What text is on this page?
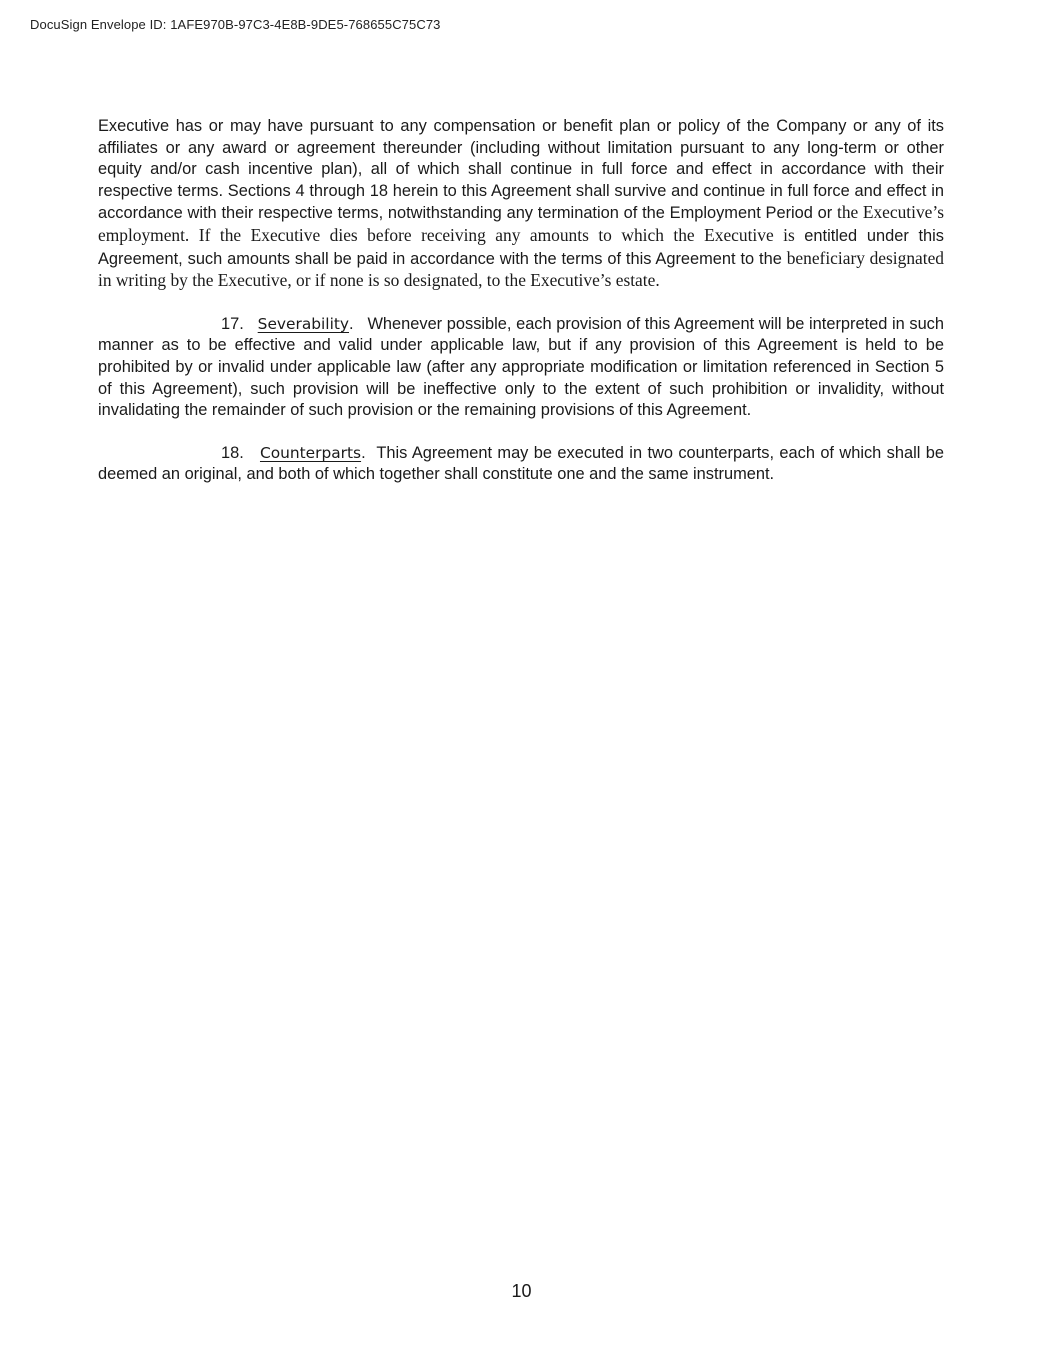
DocuSign Envelope ID: 1AFE970B-97C3-4E8B-9DE5-768655C75C73

Executive has or may have pursuant to any compensation or benefit plan or policy of the Company or any of its affiliates or any award or agreement thereunder (including without limitation pursuant to any long-term or other equity and/or cash incentive plan), all of which shall continue in full force and effect in accordance with their respective terms. Sections 4 through 18 herein to this Agreement shall survive and continue in full force and effect in accordance with their respective terms, notwithstanding any termination of the Employment Period or the Executive’s employment. If the Executive dies before receiving any amounts to which the Executive is entitled under this Agreement, such amounts shall be paid in accordance with the terms of this Agreement to the beneficiary designated in writing by the Executive, or if none is so designated, to the Executive’s estate.

17. Severability.   Whenever possible, each provision of this Agreement will be interpreted in such manner as to be effective and valid under applicable law, but if any provision of this Agreement is held to be prohibited by or invalid under applicable law (after any appropriate modification or limitation referenced in Section 5 of this Agreement), such provision will be ineffective only to the extent of such prohibition or invalidity, without invalidating the remainder of such provision or the remaining provisions of this Agreement.

18. Counterparts.  This Agreement may be executed in two counterparts, each of which shall be deemed an original, and both of which together shall constitute one and the same instrument.

10
